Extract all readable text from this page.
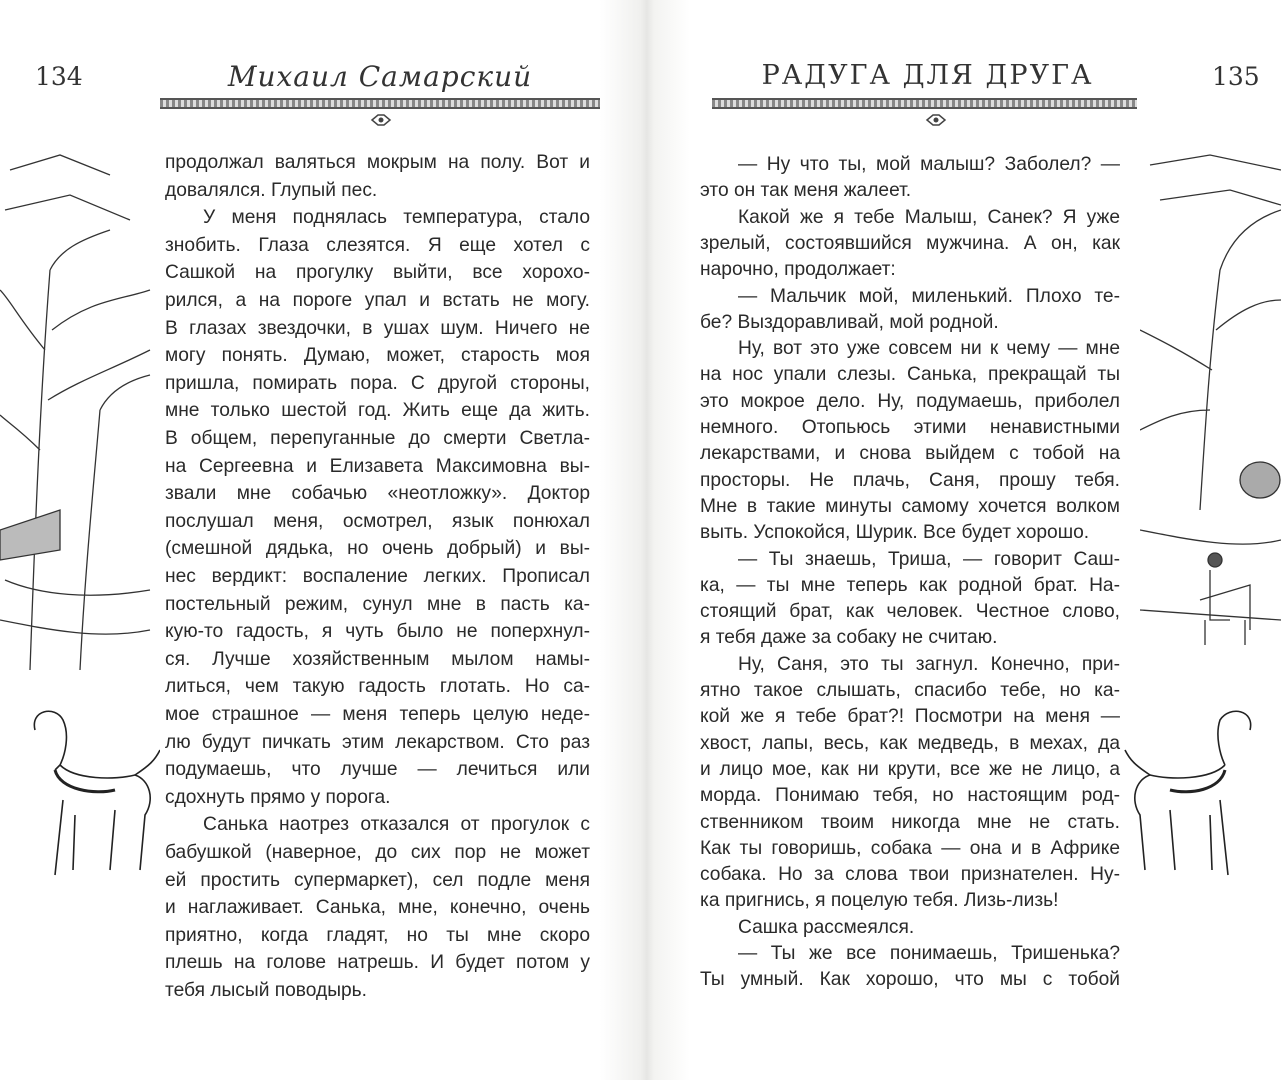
134	Михаил Самарский	РАДУГА ДЛЯ ДРУГА	135
продолжал валяться мокрым на полу. Вот и
довалялся. Глупый пес.
У меня поднялась температура, стало
знобить. Глаза слезятся. Я еще хотел с
Сашкой на прогулку выйти, все хорохо-
рился, а на пороге упал и встать не могу.
В глазах звездочки, в ушах шум. Ничего не
могу понять. Думаю, может, старость моя
пришла, помирать пора. С другой стороны,
мне только шестой год. Жить еще да жить.
В общем, перепуганные до смерти Светла-
на Сергеевна и Елизавета Максимовна вы-
звали мне собачью «неотложку». Доктор
послушал меня, осмотрел, язык понюхал
(смешной дядька, но очень добрый) и вы-
нес вердикт: воспаление легких. Прописал
постельный режим, сунул мне в пасть ка-
кую-то гадость, я чуть было не поперхнул-
ся. Лучше хозяйственным мылом намы-
литься, чем такую гадость глотать. Но са-
мое страшное — меня теперь целую неде-
лю будут пичкать этим лекарством. Сто раз
подумаешь, что лучше — лечиться или
сдохнуть прямо у порога.
Санька наотрез отказался от прогулок с
бабушкой (наверное, до сих пор не может
ей простить супермаркет), сел подле меня
и наглаживает. Санька, мне, конечно, очень
приятно, когда гладят, но ты мне скоро
плешь на голове натрешь. И будет потом у
тебя лысый поводырь.
— Ну что ты, мой малыш? Заболел? —
это он так меня жалеет.
Какой же я тебе Малыш, Санек? Я уже
зрелый, состоявшийся мужчина. А он, как
нарочно, продолжает:
— Мальчик мой, миленький. Плохо те-
бе? Выздоравливай, мой родной.
Ну, вот это уже совсем ни к чему — мне
на нос упали слезы. Санька, прекращай ты
это мокрое дело. Ну, подумаешь, приболел
немного. Отопьюсь этими ненавистными
лекарствами, и снова выйдем с тобой на
просторы. Не плачь, Саня, прошу тебя.
Мне в такие минуты самому хочется волком
выть. Успокойся, Шурик. Все будет хорошо.
— Ты знаешь, Триша, — говорит Саш-
ка, — ты мне теперь как родной брат. На-
стоящий брат, как человек. Честное слово,
я тебя даже за собаку не считаю.
Ну, Саня, это ты загнул. Конечно, при-
ятно такое слышать, спасибо тебе, но ка-
кой же я тебе брат?! Посмотри на меня —
хвост, лапы, весь, как медведь, в мехах, да
и лицо мое, как ни крути, все же не лицо, а
морда. Понимаю тебя, но настоящим род-
ственником твоим никогда мне не стать.
Как ты говоришь, собака — она и в Африке
собака. Но за слова твои признателен. Ну-
ка пригнись, я поцелую тебя. Лизь-лизь!
Сашка рассмеялся.
— Ты же все понимаешь, Тришенька?
Ты умный. Как хорошо, что мы с тобой
